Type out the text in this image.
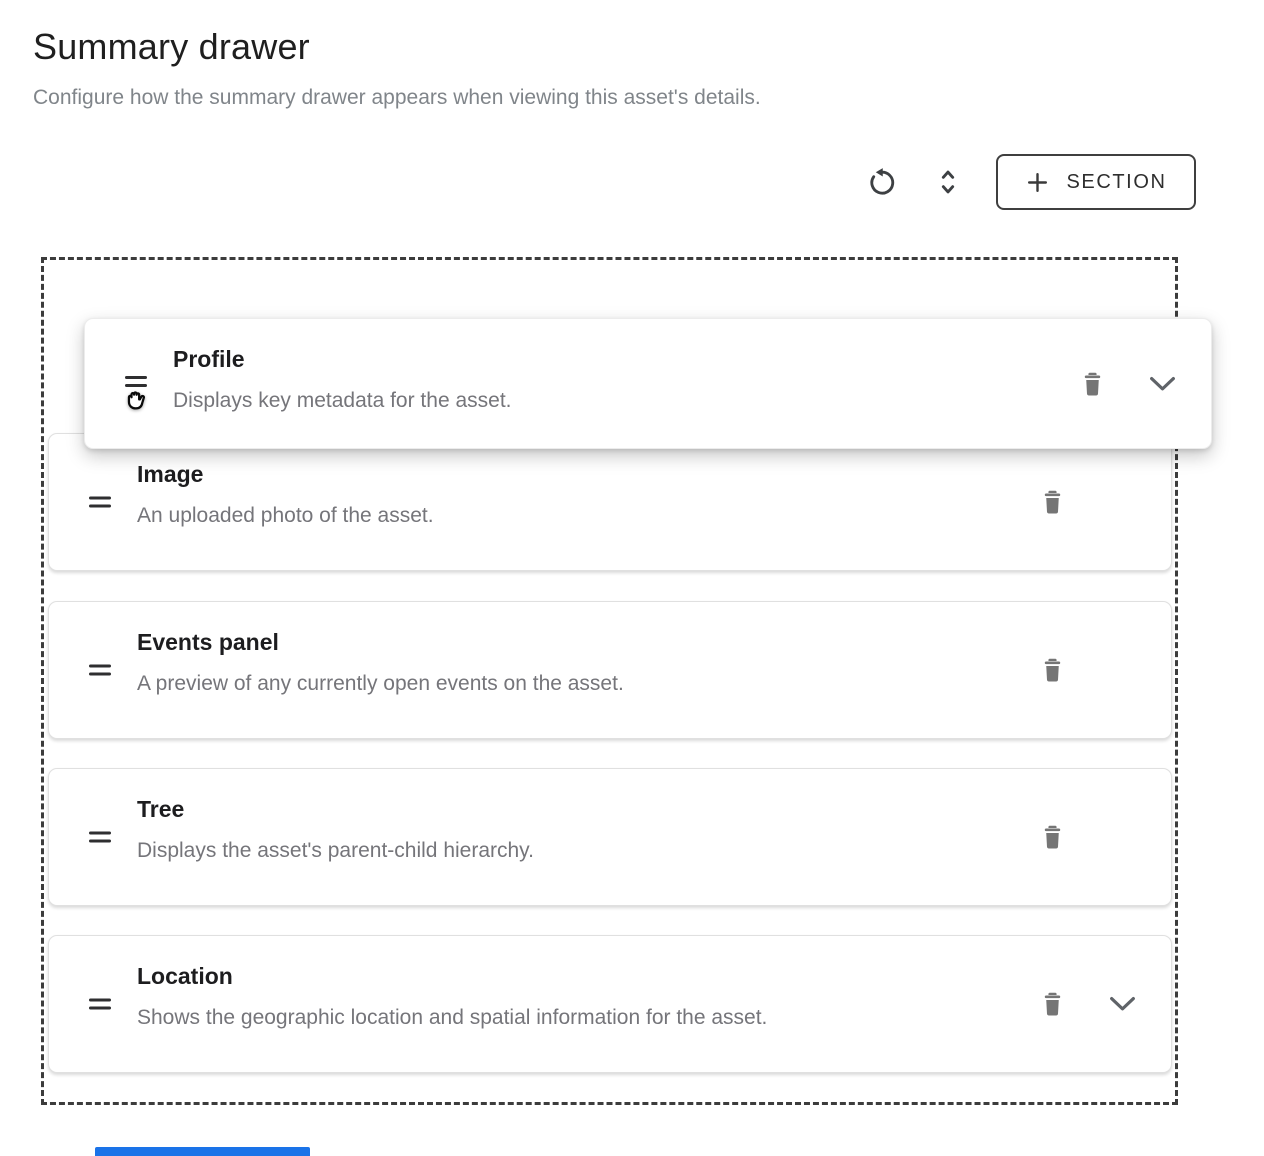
Summary drawer

Configure how the summary drawer appears when viewing this asset's details.

SECTION
Profile
Displays key metadata for the asset.
Image
An uploaded photo of the asset.
Events panel
A preview of any currently open events on the asset.
Tree
Displays the asset's parent-child hierarchy.
Location
Shows the geographic location and spatial information for the asset.
